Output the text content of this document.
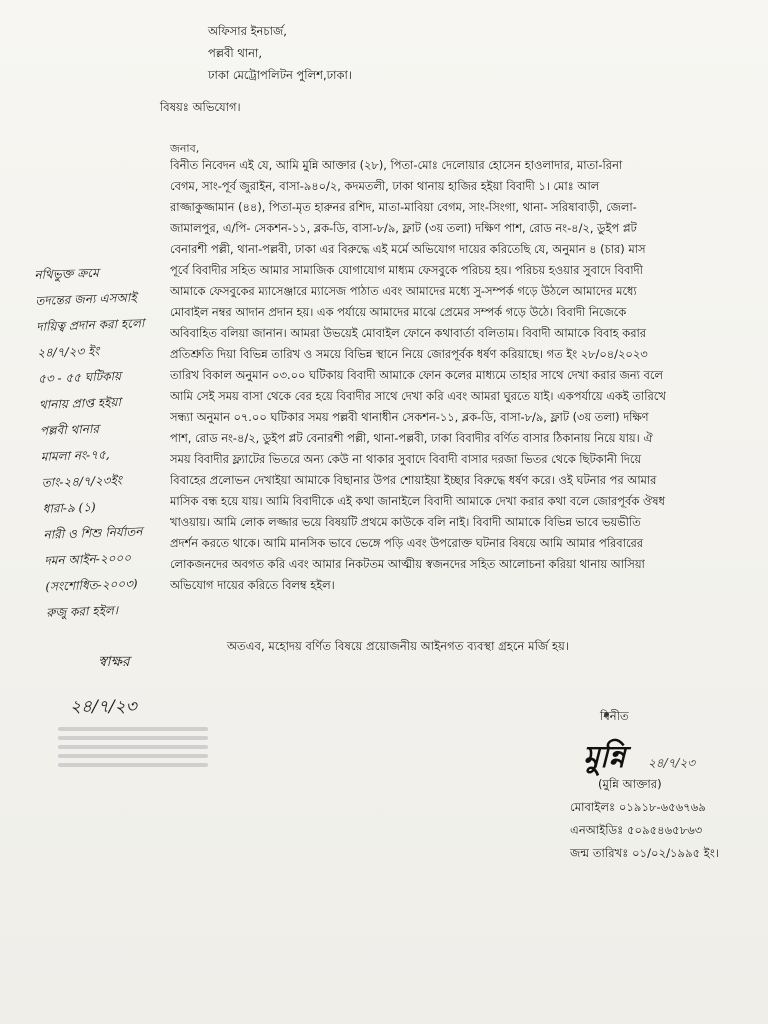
অফিসার ইনচার্জ,
পল্লবী থানা,
ঢাকা মেট্রোপলিটন পুলিশ,ঢাকা।
বিষয়ঃ অভিযোগ।
জনাব,
বিনীত নিবেদন এই যে, আমি মুন্নি আক্তার (২৮), পিতা-মোঃ দেলোয়ার হোসেন হাওলাদার, মাতা-রিনা
বেগম, সাং-পূর্ব জুরাইন, বাসা-৯৪০/২, কদমতলী, ঢাকা থানায় হাজির হইয়া বিবাদী ১। মোঃ আল
রাজ্জাকুজ্জামান (৪৪), পিতা-মৃত হারুনর রশিদ, মাতা-মাবিয়া বেগম, সাং-সিংগা, থানা- সরিষাবাড়ী, জেলা-
জামালপুর, এ/পি- সেকশন-১১, ব্লক-ডি, বাসা-৮/৯, ফ্লাট (৩য় তলা) দক্ষিণ পাশ, রোড নং-৪/২, ডুইপ প্লট
বেনারশী পল্লী, থানা-পল্লবী, ঢাকা এর বিরুদ্ধে এই মর্মে অভিযোগ দায়ের করিতেছি যে, অনুমান ৪ (চার) মাস
পূর্বে বিবাদীর সহিত আমার সামাজিক যোগাযোগ মাধ্যম ফেসবুকে পরিচয় হয়। পরিচয় হওয়ার সুবাদে বিবাদী
আমাকে ফেসবুকের ম্যাসেঞ্জারে ম্যাসেজ পাঠাত এবং আমাদের মধ্যে সু-সম্পর্ক গড়ে উঠলে আমাদের মধ্যে
মোবাইল নম্বর আদান প্রদান হয়। এক পর্যায়ে আমাদের মাঝে প্রেমের সম্পর্ক গড়ে উঠে। বিবাদী নিজেকে
অবিবাহিত বলিয়া জানান। আমরা উভয়েই মোবাইল ফোনে কথাবার্তা বলিতাম। বিবাদী আমাকে বিবাহ করার
প্রতিশ্রুতি দিয়া বিভিন্ন তারিখ ও সময়ে বিভিন্ন স্থানে নিয়ে জোরপূর্বক ধর্ষণ করিয়াছে। গত ইং ২৮/০৪/২০২৩
তারিখ বিকাল অনুমান ০৩.০০ ঘটিকায় বিবাদী আমাকে ফোন কলের মাধ্যমে তাহার সাথে দেখা করার জন্য বলে
আমি সেই সময় বাসা থেকে বের হয়ে বিবাদীর সাথে দেখা করি এবং আমরা ঘুরতে যাই। একপর্যায়ে একই তারিখে
সন্ধ্যা অনুমান ০৭.০০ ঘটিকার সময় পল্লবী থানাধীন সেকশন-১১, ব্লক-ডি, বাসা-৮/৯, ফ্লাট (৩য় তলা) দক্ষিণ
পাশ, রোড নং-৪/২, ডুইপ প্লট বেনারশী পল্লী, থানা-পল্লবী, ঢাকা বিবাদীর বর্ণিত বাসার ঠিকানায় নিয়ে যায়। ঐ
সময় বিবাদীর ফ্ল্যাটের ভিতরে অন্য কেউ না থাকার সুবাদে বিবাদী বাসার দরজা ভিতর থেকে ছিটকানী দিয়ে
বিবাহের প্রলোভন দেখাইয়া আমাকে বিছানার উপর শোয়াইয়া ইচ্ছার বিরুদ্ধে ধর্ষণ করে। ওই ঘটনার পর আমার
মাসিক বন্ধ হয়ে যায়। আমি বিবাদীকে এই কথা জানাইলে বিবাদী আমাকে দেখা করার কথা বলে জোরপূর্বক ঔষধ
খাওয়ায়। আমি লোক লজ্জার ভয়ে বিষয়টি প্রথমে কাউকে বলি নাই। বিবাদী আমাকে বিভিন্ন ভাবে ভয়ভীতি
প্রদর্শন করতে থাকে। আমি মানসিক ভাবে ভেঙ্গে পড়ি এবং উপরোক্ত ঘটনার বিষয়ে আমি আমার পরিবারের
লোকজনদের অবগত করি এবং আমার নিকটতম আত্মীয় স্বজনদের সহিত আলোচনা করিয়া থানায় আসিয়া
অভিযোগ দায়ের করিতে বিলম্ব হইল।
নথিভুক্ত ক্রমে
তদন্তের জন্য এসআই
দায়িত্ব প্রদান করা হলো
২৪/৭/২৩ ইং
৫৩ - ৫৫ ঘটিকায়
থানায় প্রাপ্ত হইয়া
পল্লবী থানার
মামলা নং-৭৫,
তাং-২৪/৭/২৩ইং
ধারা-৯ (১)
নারী ও শিশু নির্যাতন
দমন আইন-২০০০
(সংশোধিত-২০০৩)
রুজু করা হইল।
অতএব, মহোদয় বর্ণিত বিষয়ে প্রয়োজনীয় আইনগত ব্যবস্থা গ্রহনে মর্জি হয়।
স্বাক্ষর
২৪/৭/২৩	বিনীত
মুন্নি ২৪/৭/২৩
(মুন্নি আক্তার)
মোবাইলঃ ০১৯১৮-৬৫৬৭৬৯
এনআইডিঃ ৫০৯৫৪৬৫৮৬৩
জন্ম তারিখঃ ০১/০২/১৯৯৫ ইং।
